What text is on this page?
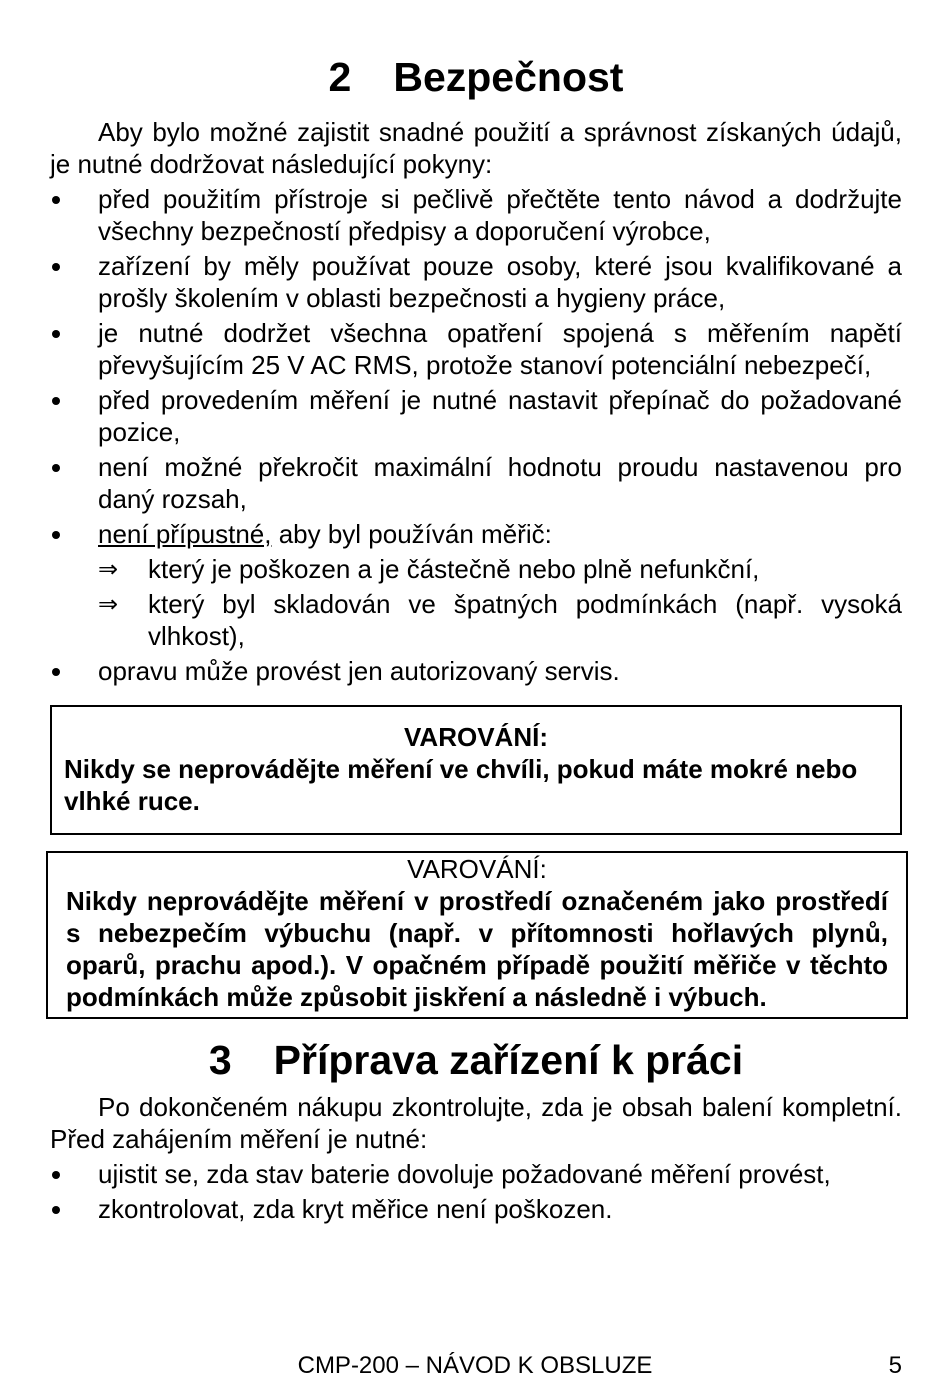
2 Bezpečnost

Aby bylo možné zajistit snadné použití a správnost získaných údajů, je nutné dodržovat následující pokyny:

před použitím přístroje si pečlivě přečtěte tento návod a dodržujte všechny bezpečností předpisy a doporučení výrobce,
zařízení by měly používat pouze osoby, které jsou kvalifikované a prošly školením v oblasti bezpečnosti a hygieny práce,
je nutné dodržet všechna opatření spojená s měřením napětí převyšujícím 25 V AC RMS, protože stanoví potenciální nebezpečí,
před provedením měření je nutné nastavit přepínač do požadované pozice,
není možné překročit maximální hodnotu proudu nastavenou pro daný rozsah,
není přípustné, aby byl používán měřič:
⇒ který je poškozen a je částečně nebo plně nefunkční,
⇒ který byl skladován ve špatných podmínkách (např. vysoká vlhkost),
opravu může provést jen autorizovaný servis.
VAROVÁNÍ:
Nikdy se neprovádějte měření ve chvíli, pokud máte mokré nebo vlhké ruce.
VAROVÁNÍ:
Nikdy neprovádějte měření v prostředí označeném jako prostředí s nebezpečím výbuchu (např. v přítomnosti hořlavých plynů, oparů, prachu apod.). V opačném případě použití měřiče v těchto podmínkách může způsobit jiskření a následně i výbuch.
3 Příprava zařízení k práci

Po dokončeném nákupu zkontrolujte, zda je obsah balení kompletní. Před zahájením měření je nutné:

ujistit se, zda stav baterie dovoluje požadované měření provést,
zkontrolovat, zda kryt měřice není poškozen.
CMP-200 – NÁVOD K OBSLUZE	5
